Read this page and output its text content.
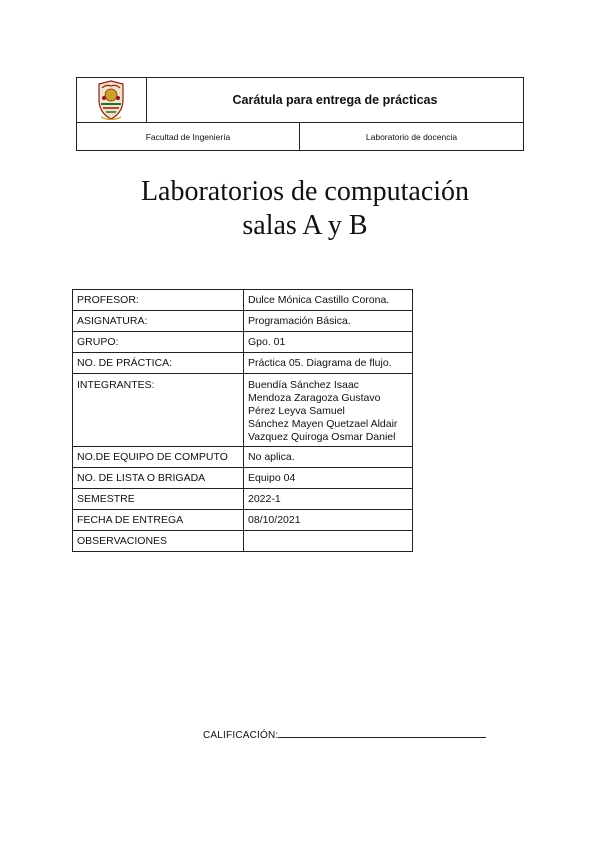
Carátula para entrega de prácticas
Facultad de Ingeniería	Laboratorio de docencia
Laboratorios de computación
salas A y B
PROFESOR:	Dulce Mónica Castillo Corona.
ASIGNATURA:	Programación Básica.
GRUPO:	Gpo. 01
NO. DE PRÁCTICA:	Práctica 05. Diagrama de flujo.
INTEGRANTES:	Buendía Sánchez Isaac
Mendoza Zaragoza Gustavo
Pérez Leyva Samuel
Sánchez Mayen Quetzael Aldair
Vazquez Quiroga Osmar Daniel

NO.DE EQUIPO DE COMPUTO	No aplica.
NO. DE LISTA O BRIGADA	Equipo 04
SEMESTRE	2022-1
FECHA DE ENTREGA	08/10/2021
OBSERVACIONES	
CALIFICACIÓN:
